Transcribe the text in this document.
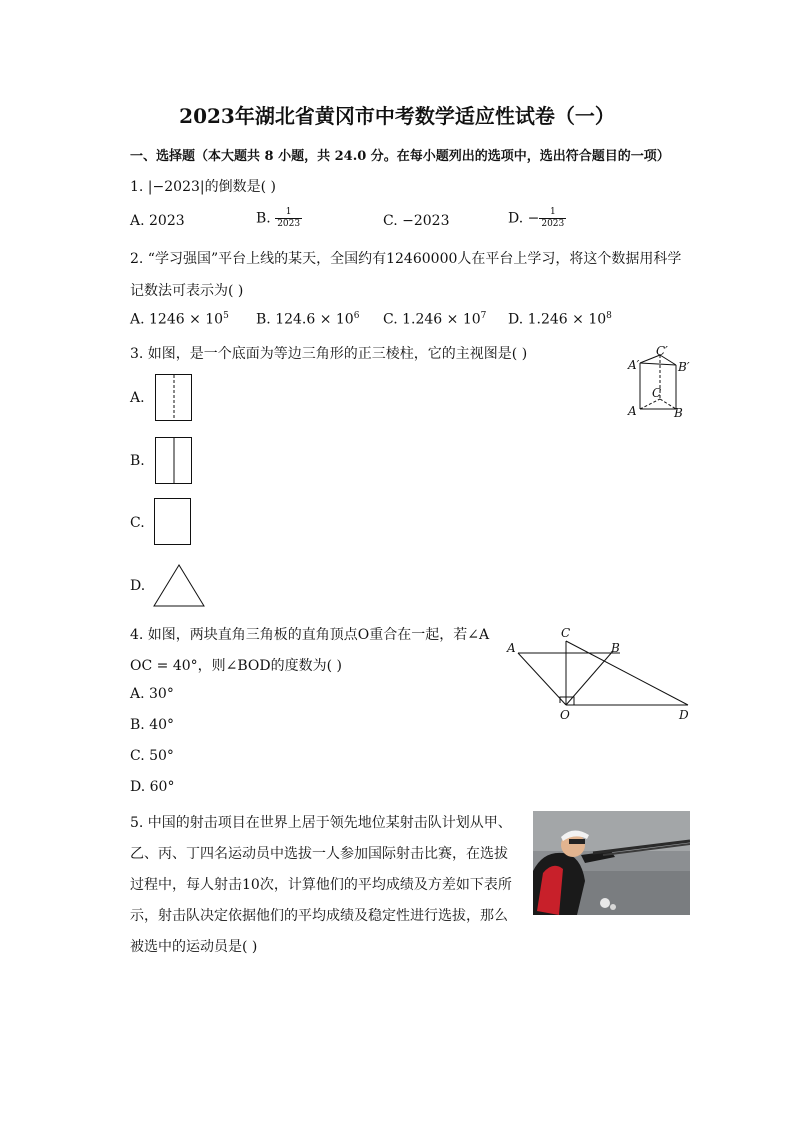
2023年湖北省黄冈市中考数学适应性试卷（一）
一、选择题（本大题共 8 小题，共 24.0 分。在每小题列出的选项中，选出符合题目的一项）
1. |−2023|的倒数是( )
A. 2023	B. $\frac{1}{2023}$	C. −2023	D. − $\frac{1}{2023}$
2. “学习强国”平台上线的某天，全国约有12460000人在平台上学习，将这个数据用科学
记数法可表示为( )
A. $1246 \times 10^5$ B. $124.6 \times 10^6$ C. $1.246 \times 10^7$ D. $1.246 \times 10^8$
3. 如图，是一个底面为等边三角形的正三棱柱，它的主视图是( )
A′
C′
B′
C
A	B
A.
B.
C.
D.
4. 如图，两块直角三角板的直角顶点O重合在一起，若∠A
OC = 40°，则∠BOD的度数为( )
A
C
B
O	D
A. 30°
B. 40°
C. 50°
D. 60°
5. 中国的射击项目在世界上居于领先地位某射击队计划从甲、
乙、丙、丁四名运动员中选拔一人参加国际射击比赛，在选拔
过程中，每人射击10次，计算他们的平均成绩及方差如下表所
示，射击队决定依据他们的平均成绩及稳定性进行选拔，那么
被选中的运动员是( )
